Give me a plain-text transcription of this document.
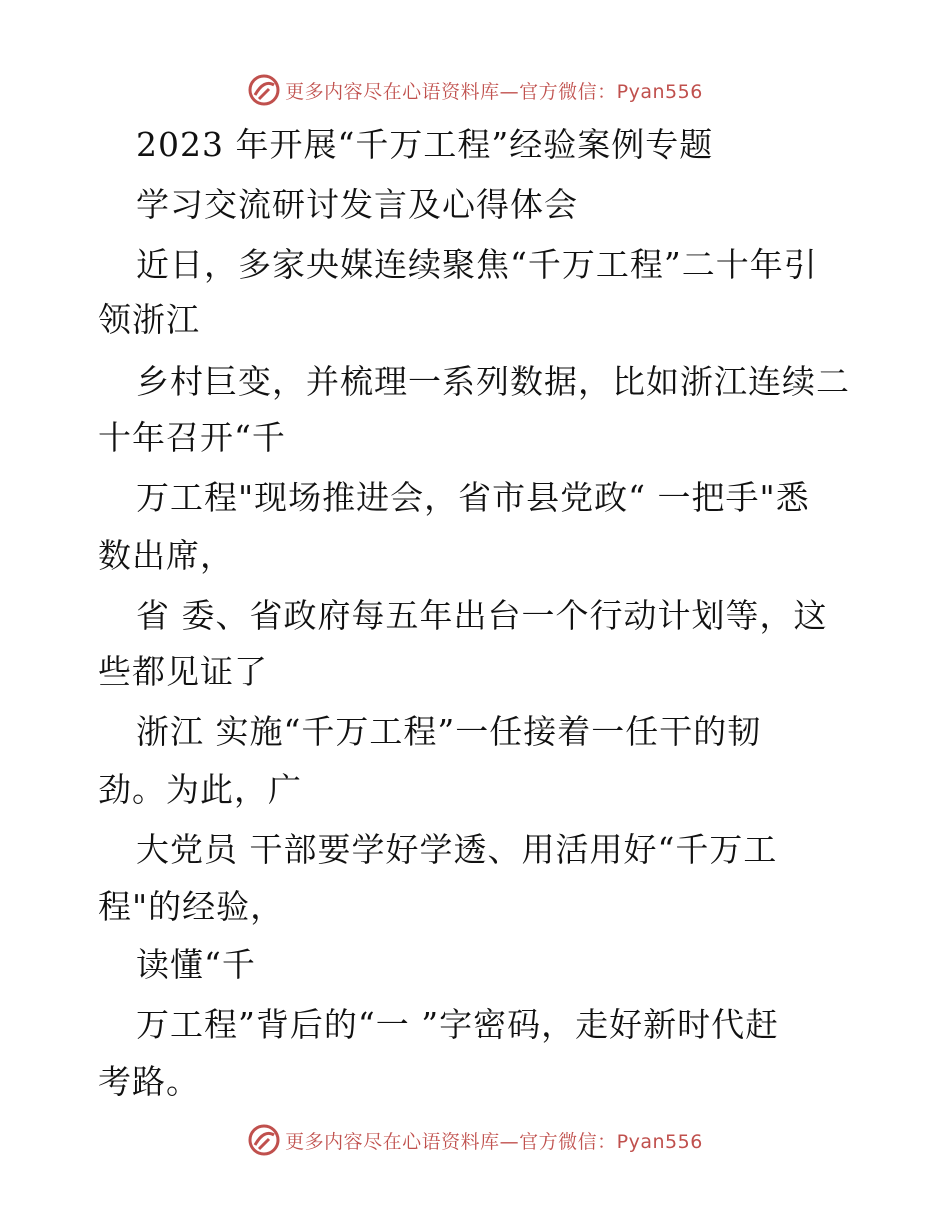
更多内容尽在心语资料库—官方微信：Pyan556
2023 年开展“千万工程”经验案例专题
学习交流研讨发言及心得体会
近日，多家央媒连续聚焦“千万工程”二十年引
领浙江
乡村巨变，并梳理一系列数据，比如浙江连续二
十年召开“千
万工程"现场推进会，省市县党政“ 一把手"悉
数出席，
省 委、省政府每五年出台一个行动计划等，这
些都见证了
浙江 实施“千万工程”一任接着一任干的韧
劲。为此，广
大党员 干部要学好学透、用活用好“千万工
程"的经验，
读懂“千
万工程”背后的“一 ”字密码，走好新时代赶
考路。
更多内容尽在心语资料库—官方微信：Pyan556
